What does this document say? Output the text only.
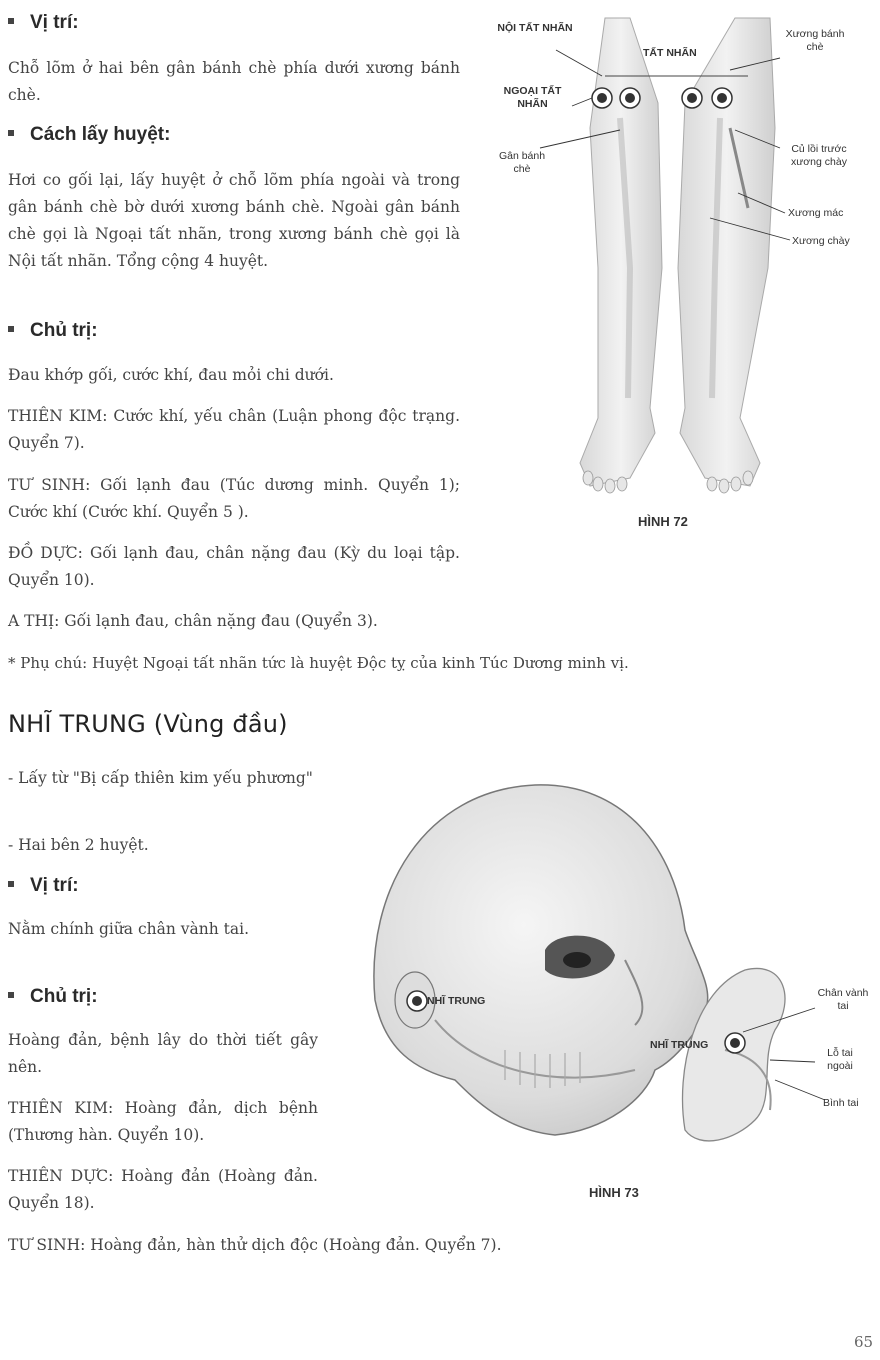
Vị trí:
Chỗ lõm ở hai bên gân bánh chè phía dưới xương bánh chè.
Cách lấy huyệt:
Hơi co gối lại, lấy huyệt ở chỗ lõm phía ngoài và trong gân bánh chè bờ dưới xương bánh chè. Ngoài gân bánh chè gọi là Ngoại tất nhãn, trong xương bánh chè gọi là Nội tất nhãn. Tổng cộng 4 huyệt.
Chủ trị:
Đau khớp gối, cước khí, đau mỏi chi dưới.
THIÊN KIM: Cước khí, yếu chân (Luận phong độc trạng. Quyển 7).
TƯ SINH: Gối lạnh đau (Túc dương minh. Quyển 1); Cước khí (Cước khí. Quyển 5 ).
ĐỒ DỰC: Gối lạnh đau, chân nặng đau (Kỳ du loại tập. Quyển 10).
A THỊ: Gối lạnh đau, chân nặng đau (Quyển 3).
* Phụ chú: Huyệt Ngoại tất nhãn tức là huyệt Độc tỵ của kinh Túc Dương minh vị.
NỘI TẤT NHÃN
TẤT NHÃN
Xương bánh chè
NGOẠI TẤT NHÃN
Gân bánh chè
Củ lồi trước xương chày
Xương mác
Xương chày
HÌNH 72
NHĨ TRUNG (Vùng đầu)
- Lấy từ "Bị cấp thiên kim yếu phương"
- Hai bên 2 huyệt.
Vị trí:
Nằm chính giữa chân vành tai.
Chủ trị:
Hoàng đản, bệnh lây do thời tiết gây nên.
THIÊN KIM: Hoàng đản, dịch bệnh (Thương hàn. Quyển 10).
THIÊN DỰC: Hoàng đản (Hoàng đản. Quyển 18).
TƯ SINH: Hoàng đản, hàn thử dịch độc (Hoàng đản. Quyển 7).
NHĨ TRUNG
NHĨ TRUNG
Chân vành tai
Lỗ tai ngoài
Bình tai
HÌNH 73
65
